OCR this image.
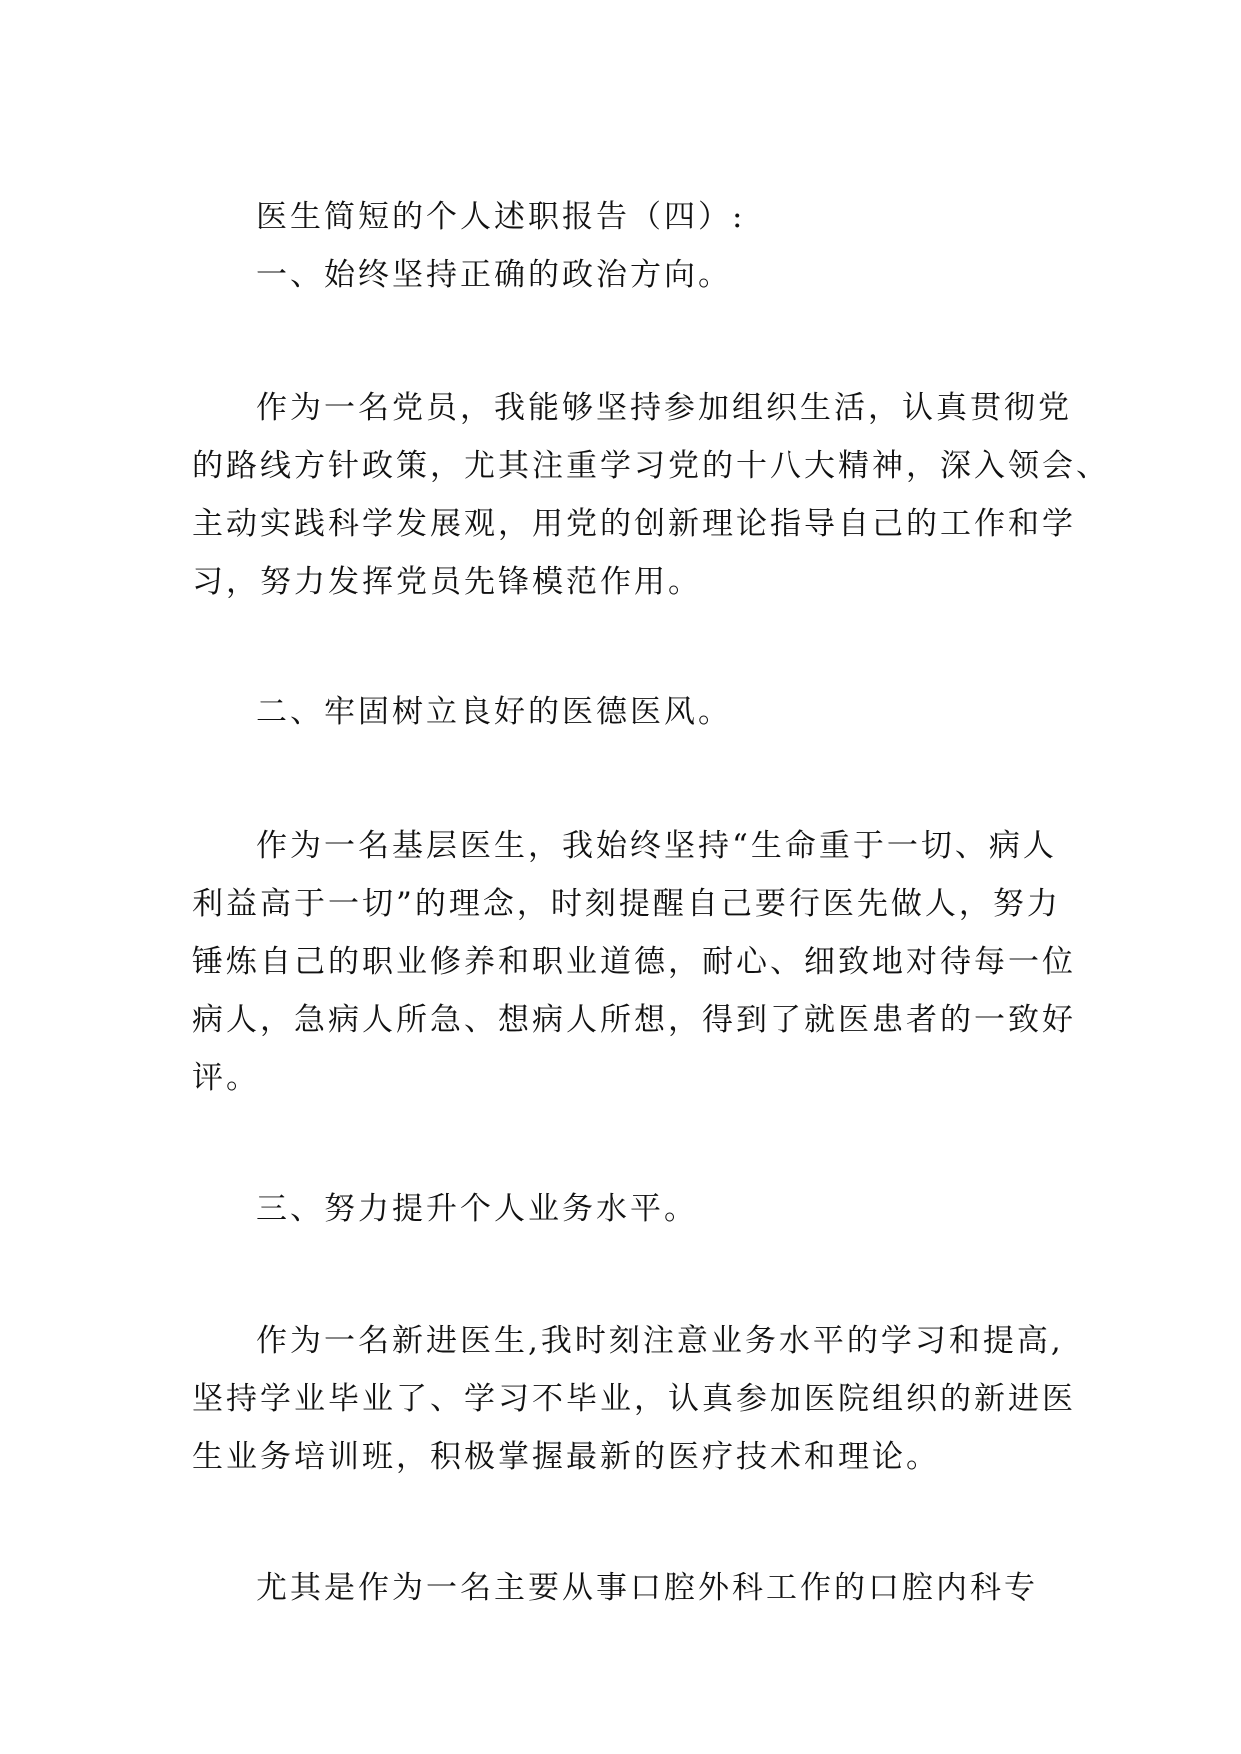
医生简短的个人述职报告（四）:

一、始终坚持正确的政治方向。

作为一名党员，我能够坚持参加组织生活，认真贯彻党

的路线方针政策，尤其注重学习党的十八大精神，深入领会、

主动实践科学发展观，用党的创新理论指导自己的工作和学

习，努力发挥党员先锋模范作用。

二、牢固树立良好的医德医风。

作为一名基层医生，我始终坚持“生命重于一切、病人

利益高于一切”的理念，时刻提醒自己要行医先做人，努力

锤炼自己的职业修养和职业道德，耐心、细致地对待每一位

病人，急病人所急、想病人所想，得到了就医患者的一致好

评。

三、努力提升个人业务水平。

作为一名新进医生,我时刻注意业务水平的学习和提高,

坚持学业毕业了、学习不毕业，认真参加医院组织的新进医

生业务培训班，积极掌握最新的医疗技术和理论。

尤其是作为一名主要从事口腔外科工作的口腔内科专
